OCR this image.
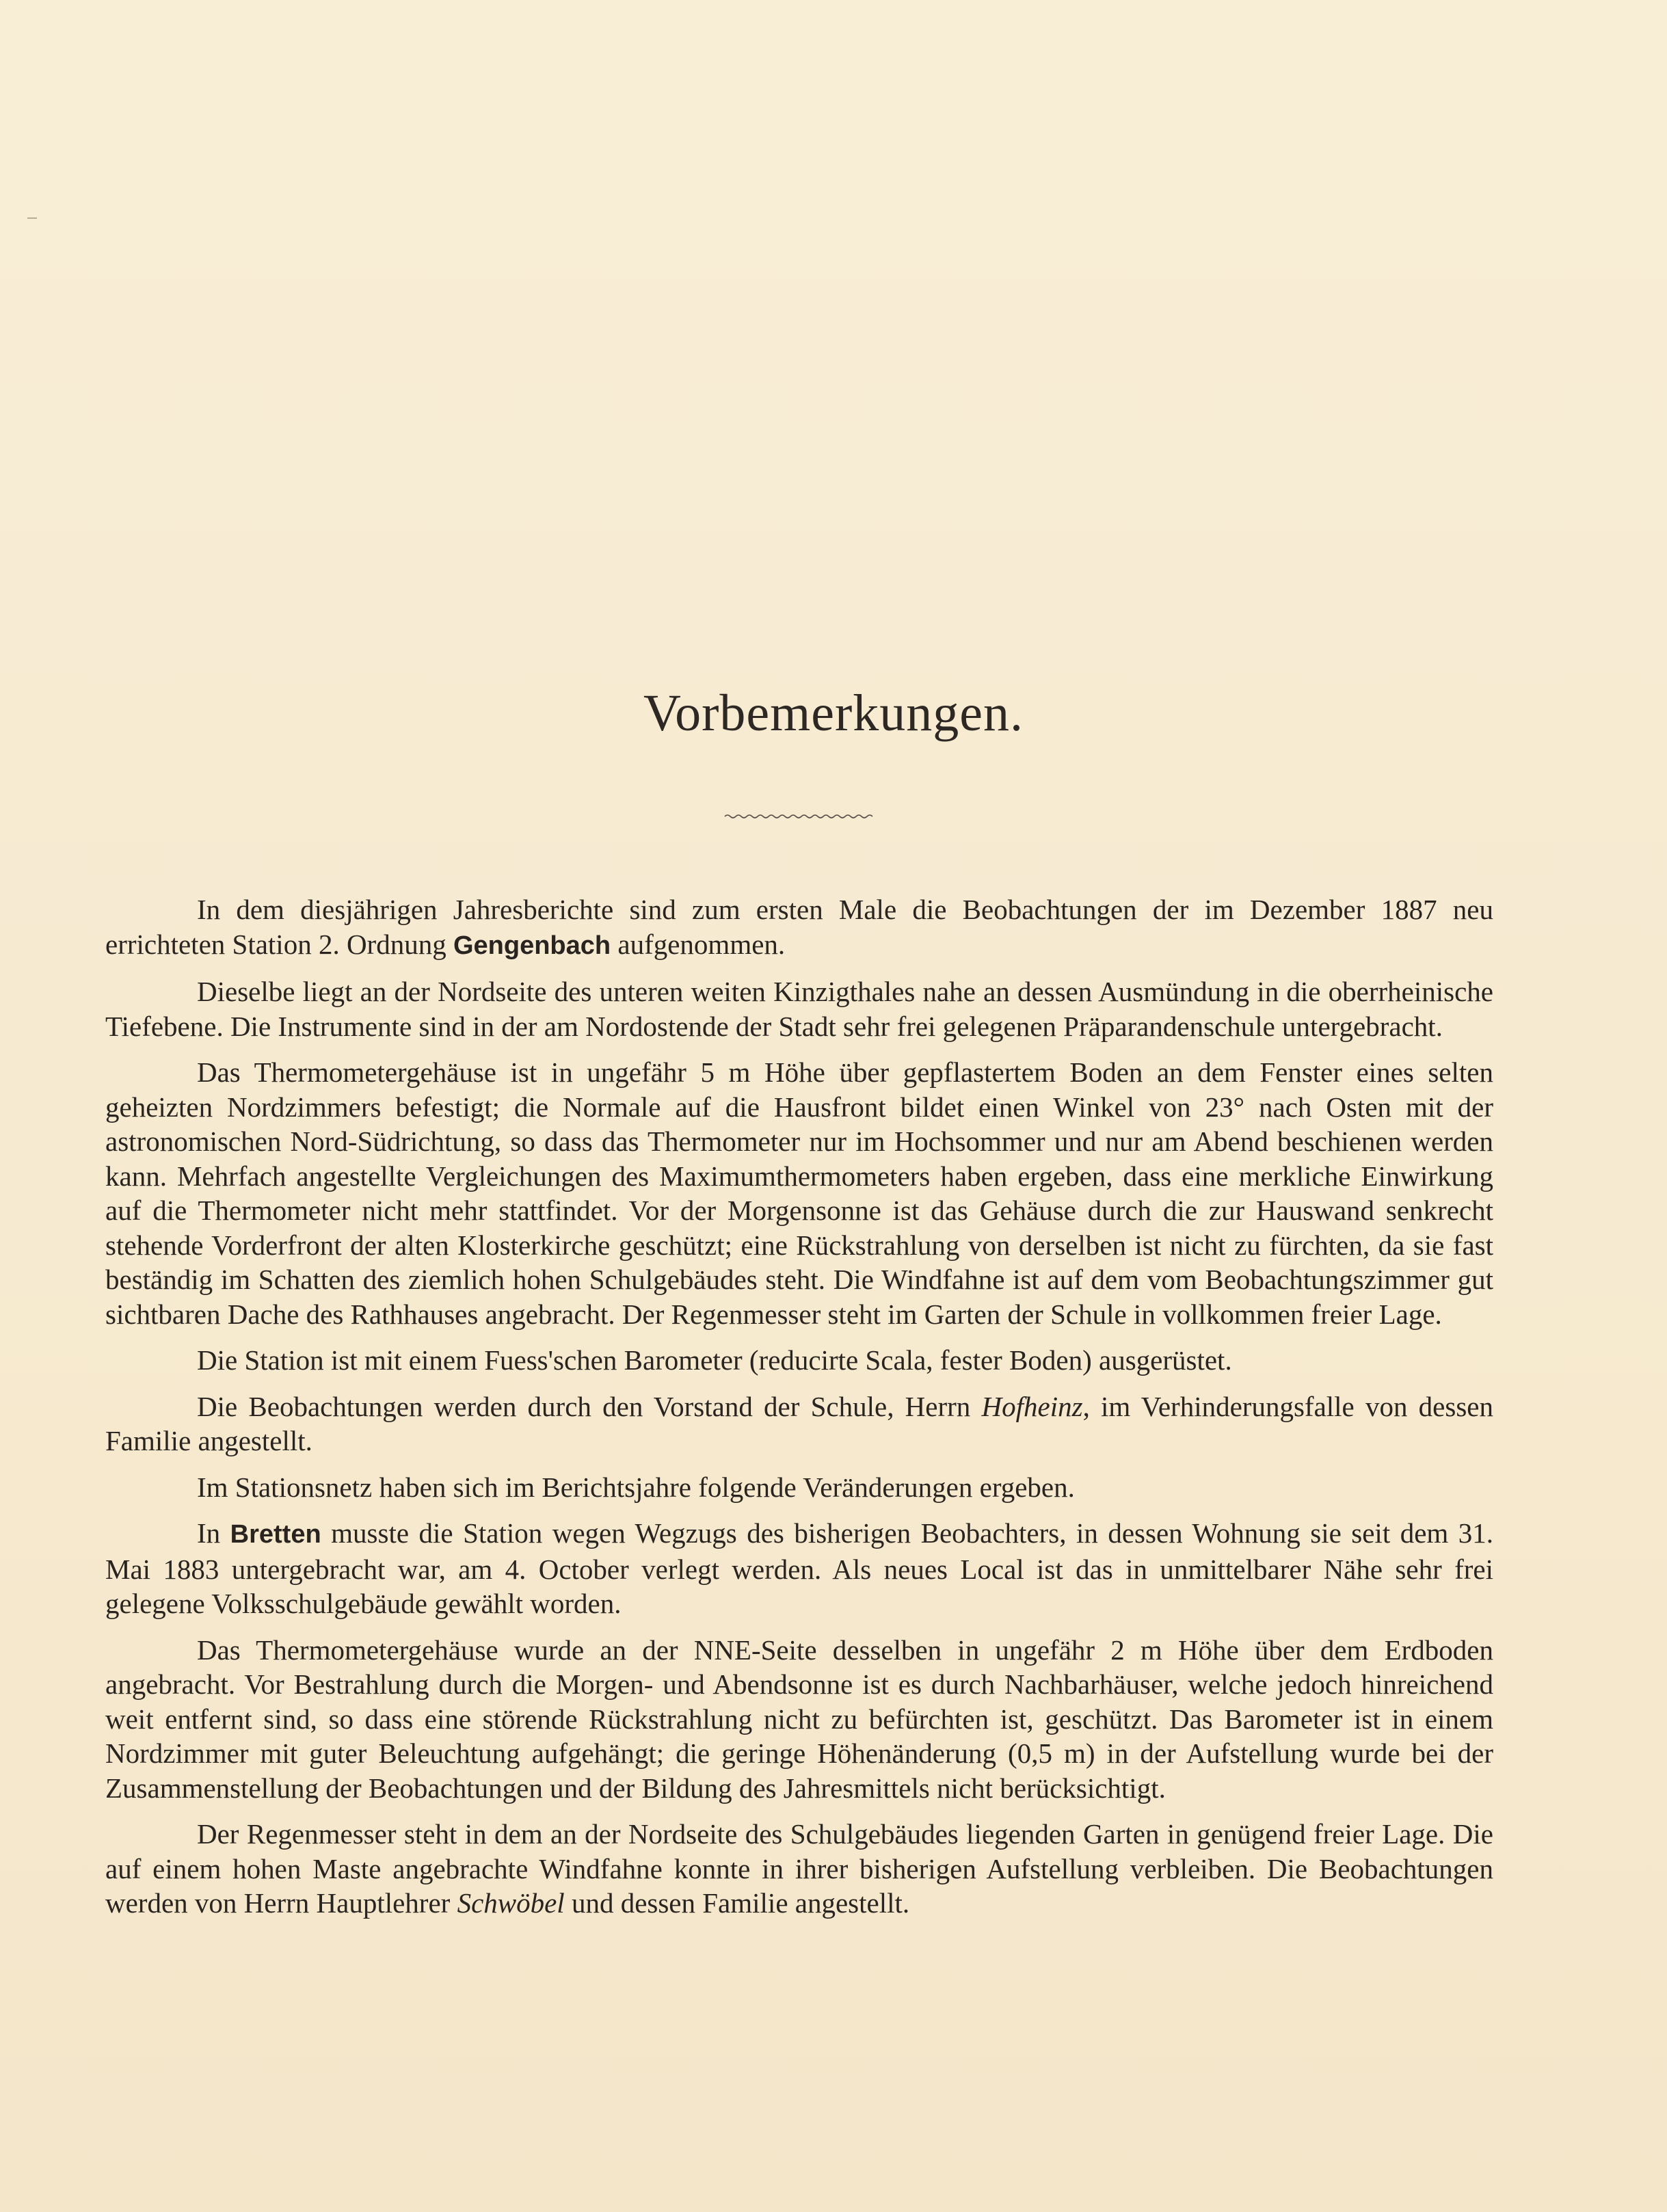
Vorbemerkungen.

In dem diesjährigen Jahresberichte sind zum ersten Male die Beobachtungen der im Dezember 1887 neu errichteten Station 2. Ordnung Gengenbach aufgenommen.

Dieselbe liegt an der Nordseite des unteren weiten Kinzigthales nahe an dessen Ausmündung in die oberrheinische Tiefebene. Die Instrumente sind in der am Nordostende der Stadt sehr frei gelegenen Präparandenschule untergebracht.

Das Thermometergehäuse ist in ungefähr 5 m Höhe über gepflastertem Boden an dem Fenster eines selten geheizten Nordzimmers befestigt; die Normale auf die Hausfront bildet einen Winkel von 23° nach Osten mit der astronomischen Nord-Südrichtung, so dass das Thermometer nur im Hochsommer und nur am Abend beschienen werden kann. Mehrfach angestellte Vergleichungen des Maximumthermometers haben ergeben, dass eine merkliche Einwirkung auf die Thermometer nicht mehr stattfindet. Vor der Morgensonne ist das Gehäuse durch die zur Hauswand senkrecht stehende Vorderfront der alten Klosterkirche geschützt; eine Rückstrahlung von derselben ist nicht zu fürchten, da sie fast beständig im Schatten des ziemlich hohen Schulgebäudes steht. Die Windfahne ist auf dem vom Beobachtungszimmer gut sichtbaren Dache des Rathhauses angebracht. Der Regenmesser steht im Garten der Schule in vollkommen freier Lage.

Die Station ist mit einem Fuess'schen Barometer (reducirte Scala, fester Boden) ausgerüstet.

Die Beobachtungen werden durch den Vorstand der Schule, Herrn Hofheinz, im Verhinderungsfalle von dessen Familie angestellt.

Im Stationsnetz haben sich im Berichtsjahre folgende Veränderungen ergeben.

In Bretten musste die Station wegen Wegzugs des bisherigen Beobachters, in dessen Wohnung sie seit dem 31. Mai 1883 untergebracht war, am 4. October verlegt werden. Als neues Local ist das in unmittelbarer Nähe sehr frei gelegene Volksschulgebäude gewählt worden.

Das Thermometergehäuse wurde an der NNE-Seite desselben in ungefähr 2 m Höhe über dem Erdboden angebracht. Vor Bestrahlung durch die Morgen- und Abendsonne ist es durch Nachbarhäuser, welche jedoch hinreichend weit entfernt sind, so dass eine störende Rückstrahlung nicht zu befürchten ist, geschützt. Das Barometer ist in einem Nordzimmer mit guter Beleuchtung aufgehängt; die geringe Höhenänderung (0,5 m) in der Aufstellung wurde bei der Zusammenstellung der Beobachtungen und der Bildung des Jahresmittels nicht berücksichtigt.

Der Regenmesser steht in dem an der Nordseite des Schulgebäudes liegenden Garten in genügend freier Lage. Die auf einem hohen Maste angebrachte Windfahne konnte in ihrer bisherigen Aufstellung verbleiben. Die Beobachtungen werden von Herrn Hauptlehrer Schwöbel und dessen Familie angestellt.
